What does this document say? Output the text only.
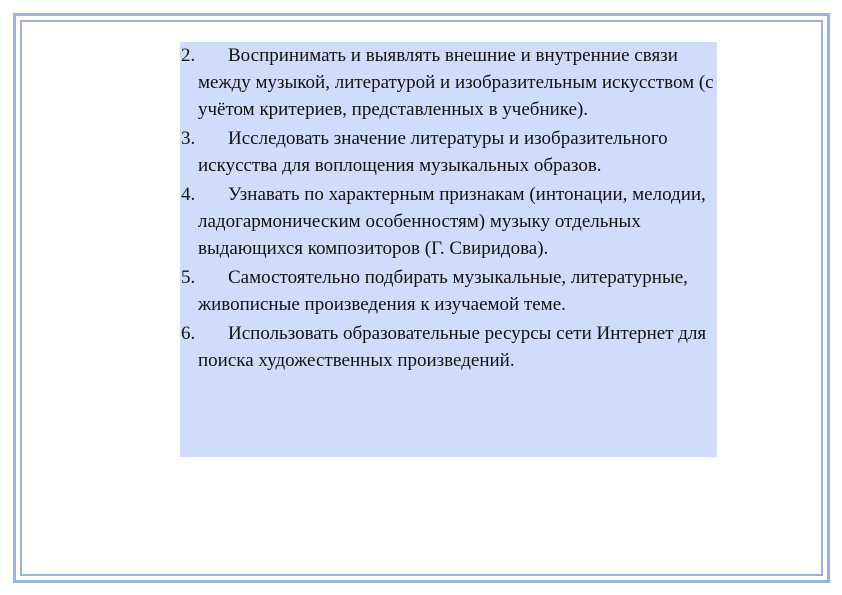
2.	Воспринимать и выявлять внешние и внутренние связи между музыкой, литературой и изобразительным искусством (с учётом критериев, представленных в учебнике).
3.	Исследовать значение литературы и изобразительного искусства для воплощения музыкальных образов.
4.	Узнавать по характерным признакам (интонации, мелодии, ладогармоническим особенностям) музыку отдельных выдающихся композиторов (Г. Свиридова).
5.	Самостоятельно подбирать музыкальные, литературные, живописные произведения к изучаемой теме.
6.	Использовать образовательные ресурсы сети Интернет для поиска художественных произведений.
